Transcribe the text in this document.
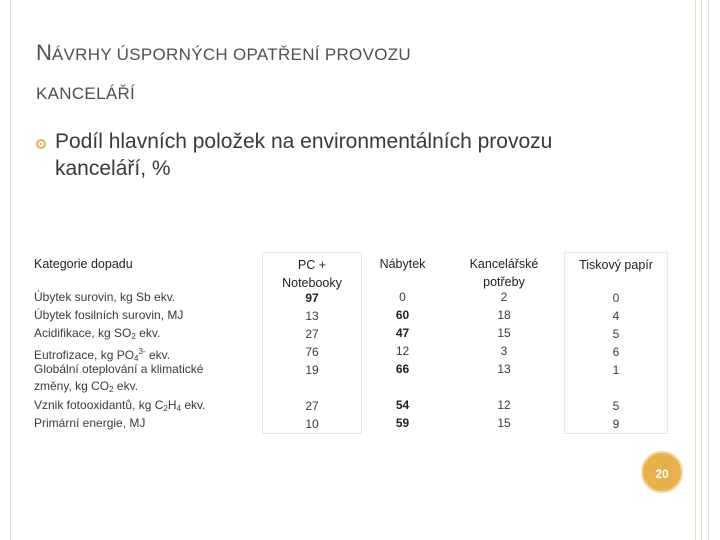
NÁVRHY ÚSPORNÝCH OPATŘENÍ PROVOZU
KANCELÁŘÍ
Podíl hlavních položek na environmentálních provozu kanceláří, %
Kategorie dopadu
Úbytek surovin, kg Sb ekv.
Úbytek fosilních surovin, MJ
Acidifikace, kg $SO_2$ ekv.
Eutrofizace, kg $PO_4^{3-}$ ekv.
Globální oteplování a klimatické
změny, kg $CO_2$ ekv.
Vznik fotooxidantů, kg $C_2H_4$ ekv.
Primární energie, MJ
PC + Notebooky
97
13
27
76
19
27
10
Nábytek
0
60
47
12
66
54
59
Kancelářské potřeby
2
18
15
3
13
12
15
Tiskový papír
0
4
5
6
1
5
9
20
